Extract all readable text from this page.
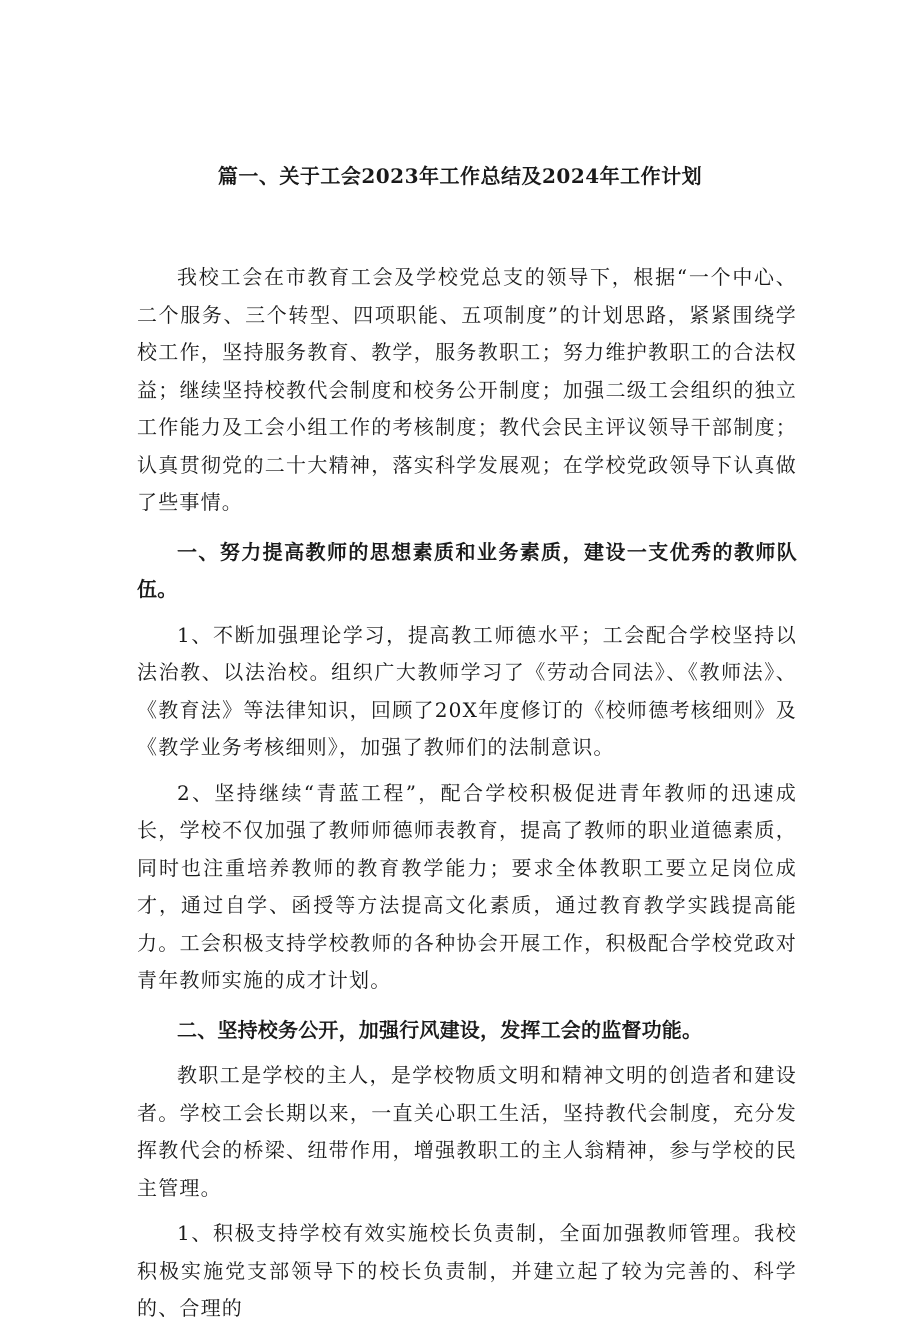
篇一、关于工会2023年工作总结及2024年工作计划

我校工会在市教育工会及学校党总支的领导下，根据“一个中心、二个服务、三个转型、四项职能、五项制度”的计划思路，紧紧围绕学校工作，坚持服务教育、教学，服务教职工；努力维护教职工的合法权益；继续坚持校教代会制度和校务公开制度；加强二级工会组织的独立工作能力及工会小组工作的考核制度；教代会民主评议领导干部制度；认真贯彻党的二十大精神，落实科学发展观；在学校党政领导下认真做了些事情。

一、努力提高教师的思想素质和业务素质，建设一支优秀的教师队伍。

1、不断加强理论学习，提高教工师德水平；工会配合学校坚持以法治教、以法治校。组织广大教师学习了《劳动合同法》、《教师法》、《教育法》等法律知识，回顾了20X年度修订的《校师德考核细则》及《教学业务考核细则》，加强了教师们的法制意识。

2、坚持继续“青蓝工程”，配合学校积极促进青年教师的迅速成长，学校不仅加强了教师师德师表教育，提高了教师的职业道德素质，同时也注重培养教师的教育教学能力；要求全体教职工要立足岗位成才，通过自学、函授等方法提高文化素质，通过教育教学实践提高能力。工会积极支持学校教师的各种协会开展工作，积极配合学校党政对青年教师实施的成才计划。

二、坚持校务公开，加强行风建设，发挥工会的监督功能。

教职工是学校的主人，是学校物质文明和精神文明的创造者和建设者。学校工会长期以来，一直关心职工生活，坚持教代会制度，充分发挥教代会的桥梁、纽带作用，增强教职工的主人翁精神，参与学校的民主管理。

1、积极支持学校有效实施校长负责制，全面加强教师管理。我校积极实施党支部领导下的校长负责制，并建立起了较为完善的、科学的、合理的
